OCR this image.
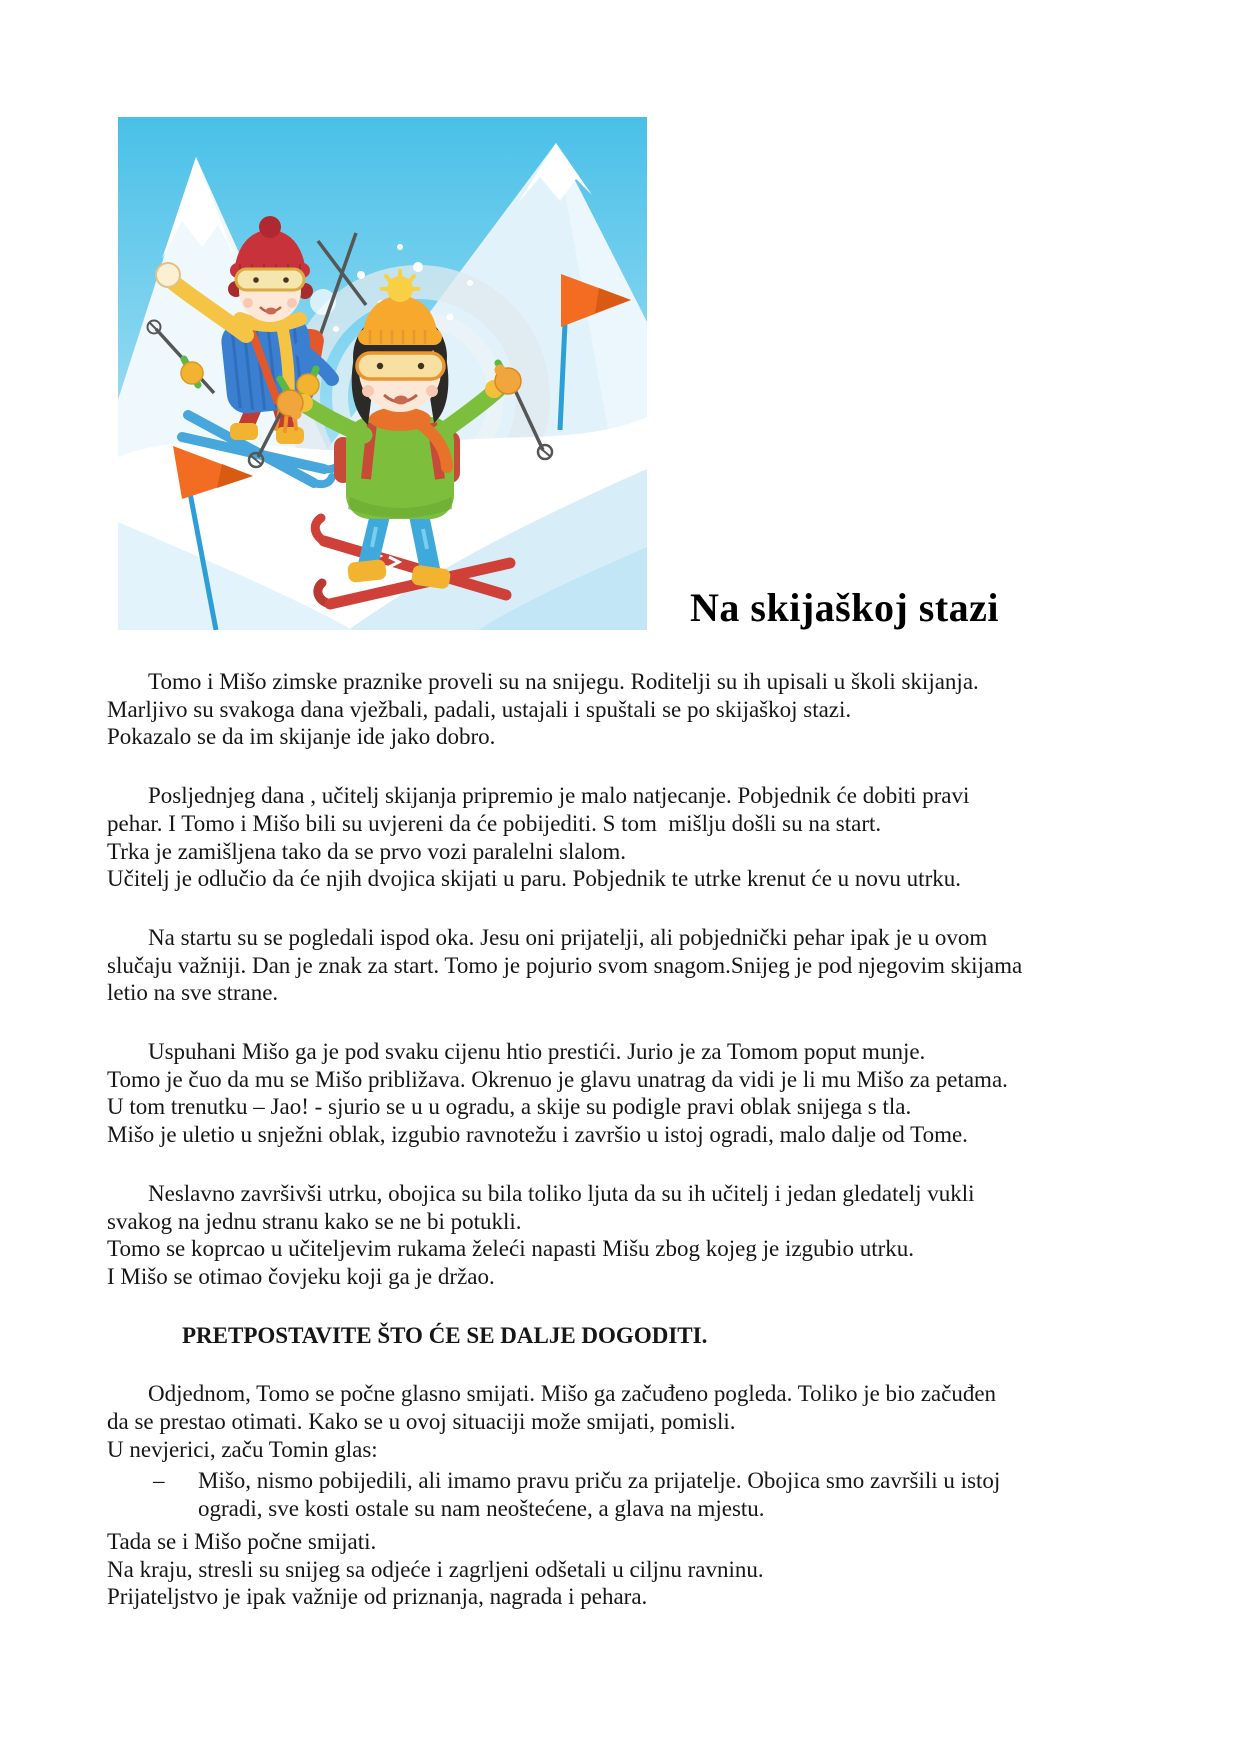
Na skijaškoj stazi
Tomo i Mišo zimske praznike proveli su na snijegu. Roditelji su ih upisali u školi skijanja.
Marljivo su svakoga dana vježbali, padali, ustajali i spuštali se po skijaškoj stazi.
Pokazalo se da im skijanje ide jako dobro.
Posljednjeg dana , učitelj skijanja pripremio je malo natjecanje. Pobjednik će dobiti pravi
pehar. I Tomo i Mišo bili su uvjereni da će pobijediti. S tom  mišlju došli su na start.
Trka je zamišljena tako da se prvo vozi paralelni slalom.
Učitelj je odlučio da će njih dvojica skijati u paru. Pobjednik te utrke krenut će u novu utrku.
Na startu su se pogledali ispod oka. Jesu oni prijatelji, ali pobjednički pehar ipak je u ovom
slučaju važniji. Dan je znak za start. Tomo je pojurio svom snagom.Snijeg je pod njegovim skijama
letio na sve strane.
Uspuhani Mišo ga je pod svaku cijenu htio prestići. Jurio je za Tomom poput munje.
Tomo je čuo da mu se Mišo približava. Okrenuo je glavu unatrag da vidi je li mu Mišo za petama.
U tom trenutku – Jao! - sjurio se u u ogradu, a skije su podigle pravi oblak snijega s tla.
Mišo je uletio u snježni oblak, izgubio ravnotežu i završio u istoj ogradi, malo dalje od Tome.
Neslavno završivši utrku, obojica su bila toliko ljuta da su ih učitelj i jedan gledatelj vukli
svakog na jednu stranu kako se ne bi potukli.
Tomo se koprcao u učiteljevim rukama želeći napasti Mišu zbog kojeg je izgubio utrku.
I Mišo se otimao čovjeku koji ga je držao.
PRETPOSTAVITE ŠTO ĆE SE DALJE DOGODITI.
Odjednom, Tomo se počne glasno smijati. Mišo ga začuđeno pogleda. Toliko je bio začuđen
da se prestao otimati. Kako se u ovoj situaciji može smijati, pomisli.
U nevjerici, začu Tomin glas:
–	Mišo, nismo pobijedili, ali imamo pravu priču za prijatelje. Obojica smo završili u istoj
ogradi, sve kosti ostale su nam neoštećene, a glava na mjestu.
Tada se i Mišo počne smijati.
Na kraju, stresli su snijeg sa odjeće i zagrljeni odšetali u ciljnu ravninu.
Prijateljstvo je ipak važnije od priznanja, nagrada i pehara.
